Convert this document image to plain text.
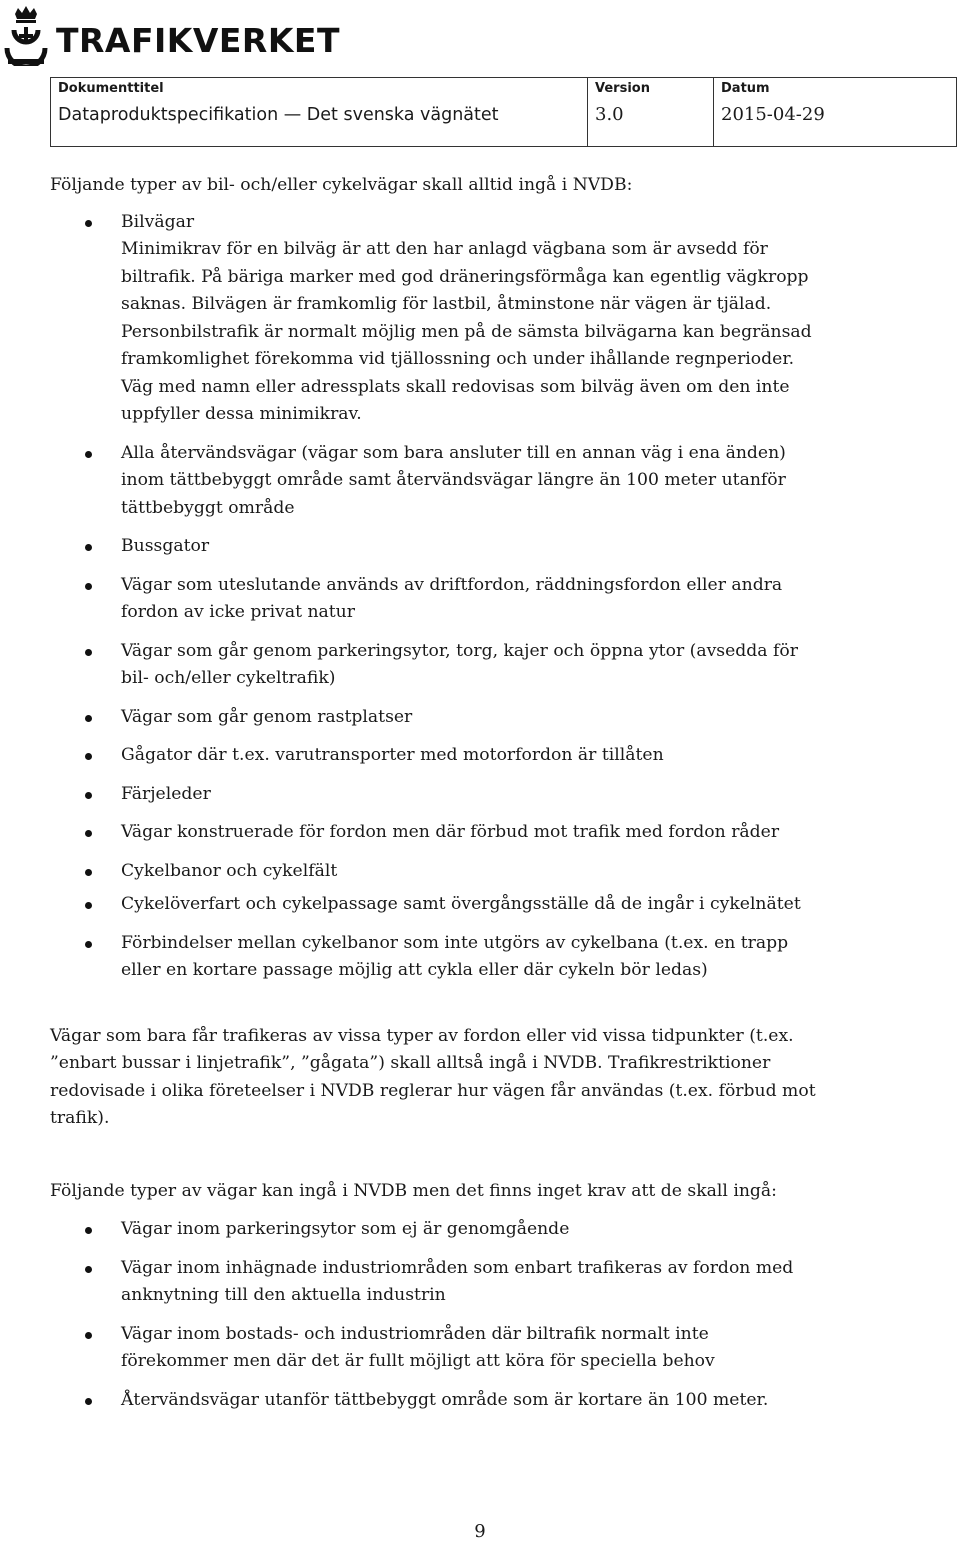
TRAFIKVERKET
Dokumenttitel
Dataproduktspecifikation — Det svenska vägnätet
Version
3.0
Datum
2015-04-29

Följande typer av bil- och/eller cykelvägar skall alltid ingå i NVDB:

Bilvägar
Minimikrav för en bilväg är att den har anlagd vägbana som är avsedd för biltrafik. På bäriga marker med god dräneringsförmåga kan egentlig vägkropp saknas. Bilvägen är framkomlig för lastbil, åtminstone när vägen är tjälad. Personbilstrafik är normalt möjlig men på de sämsta bilvägarna kan begränsad framkomlighet förekomma vid tjällossning och under ihållande regnperioder. Väg med namn eller adressplats skall redovisas som bilväg även om den inte uppfyller dessa minimikrav.
Alla återvändsvägar (vägar som bara ansluter till en annan väg i ena änden) inom tättbebyggt område samt återvändsvägar längre än 100 meter utanför tättbebyggt område
Bussgator
Vägar som uteslutande används av driftfordon, räddningsfordon eller andra fordon av icke privat natur
Vägar som går genom parkeringsytor, torg, kajer och öppna ytor (avsedda för bil- och/eller cykeltrafik)
Vägar som går genom rastplatser
Gågator där t.ex. varutransporter med motorfordon är tillåten
Färjeleder
Vägar konstruerade för fordon men där förbud mot trafik med fordon råder
Cykelbanor och cykelfält
Cykelöverfart och cykelpassage samt övergångsställe då de ingår i cykelnätet
Förbindelser mellan cykelbanor som inte utgörs av cykelbana (t.ex. en trapp eller en kortare passage möjlig att cykla eller där cykeln bör ledas)

Vägar som bara får trafikeras av vissa typer av fordon eller vid vissa tidpunkter (t.ex. ”enbart bussar i linjetrafik”, ”gågata”) skall alltså ingå i NVDB. Trafikrestriktioner redovisade i olika företeelser i NVDB reglerar hur vägen får användas (t.ex. förbud mot trafik).

Följande typer av vägar kan ingå i NVDB men det finns inget krav att de skall ingå:

Vägar inom parkeringsytor som ej är genomgående
Vägar inom inhägnade industriområden som enbart trafikeras av fordon med anknytning till den aktuella industrin
Vägar inom bostads- och industriområden där biltrafik normalt inte förekommer men där det är fullt möjligt att köra för speciella behov
Återvändsvägar utanför tättbebyggt område som är kortare än 100 meter.
9
